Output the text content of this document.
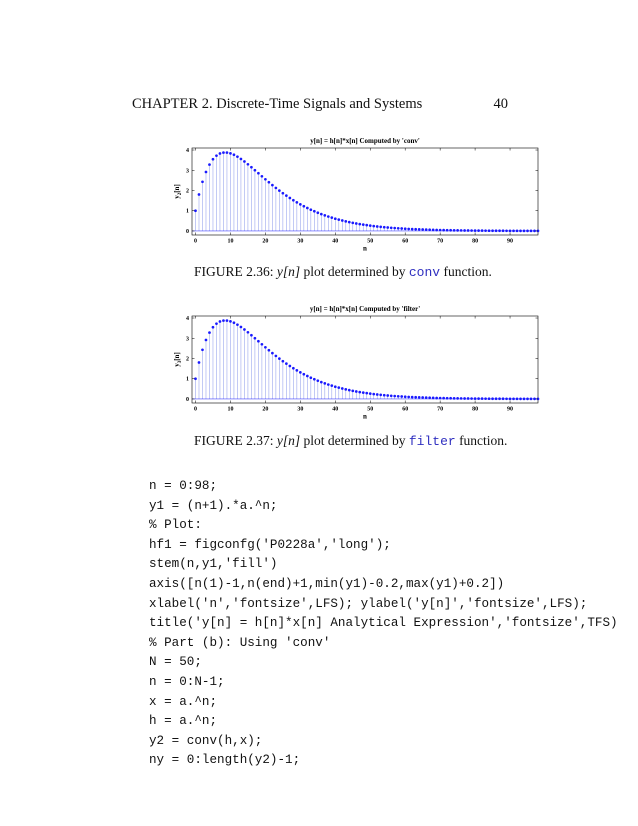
CHAPTER 2. Discrete-Time Signals and Systems	40
y[n] = h[n]*x[n] Computed by 'conv'
0	10	20	30	40	50	60	70	80	90
0
1
2
3
4
n
$y_2[n]$
FIGURE 2.36: y[n] plot determined by conv function.
y[n] = h[n]*x[n] Computed by 'filter'
0	10	20	30	40	50	60	70	80	90
0
1
2
3
4
n
$y_3[n]$
FIGURE 2.37: y[n] plot determined by filter function.
n = 0:98;
y1 = (n+1).*a.^n;
% Plot:
hf1 = figconfg('P0228a','long');
stem(n,y1,'fill')
axis([n(1)-1,n(end)+1,min(y1)-0.2,max(y1)+0.2])
xlabel('n','fontsize',LFS); ylabel('y[n]','fontsize',LFS);
title('y[n] = h[n]*x[n] Analytical Expression','fontsize',TFS)
% Part (b): Using 'conv'
N = 50;
n = 0:N-1;
x = a.^n;
h = a.^n;
y2 = conv(h,x);
ny = 0:length(y2)-1;
